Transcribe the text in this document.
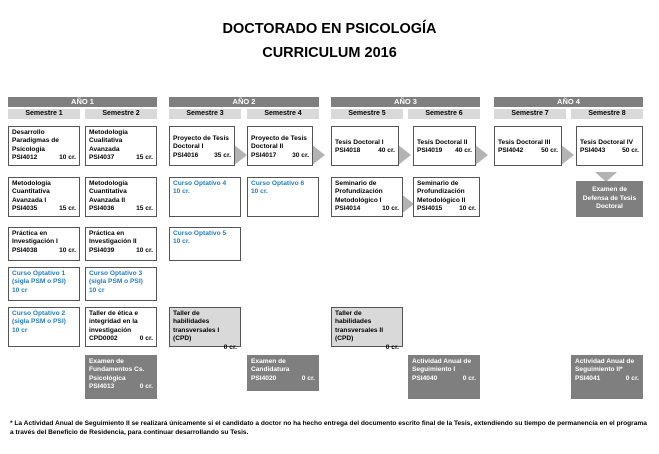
DOCTORADO EN PSICOLOGÍA
CURRICULUM 2016
AÑO 1	AÑO 2	AÑO 3	AÑO 4
Semestre 1	Semestre 2	Semestre 3	Semestre 4	Semestre 5	Semestre 6	Semestre 7	Semestre 8
Desarrollo Paradigmas de Psicología
PSI4012	10 cr.
Metodología Cualitativa Avanzada
PSI4037	15 cr.
Proyecto de Tesis Doctoral I
PSI4016 35 cr.
Proyecto de Tesis Doctoral II
PSI4017 30 cr.
Tesis Doctoral I
PSI4018	40 cr.
Tesis Doctoral II
PSI4019 40 cr.
Tesis Doctoral III
PSI4042	50 cr.
Tesis Doctoral IV
PSI4043	50 cr.
Metodología Cuantitativa Avanzada I
PSI4035	15 cr.
Metodología Cuantitativa Avanzada II
PSI4036	15 cr.
Curso Optativo 4
10 cr.
Curso Optativo 6
10 cr.
Seminario de Profundización Metodológico I
PSI4014	10 cr.
Seminario de Profundización Metodológico II
PSI4015	10 cr.
Examen de Defensa de Tesis Doctoral
Práctica en Investigación I
PSI4038	10 cr.
Práctica en Investigación II
PSI4039	10 cr.
Curso Optativo 5
10 cr.
Curso Optativo 1 (sigla PSM o PSI)
10 cr
Curso Optativo 3 (sigla PSM o PSI)
10 cr
Curso Optativo 2 (sigla PSM o PSI)
10 cr
Taller de ética e integridad en la investigación
CPD0002	0 cr.
Taller de habilidades transversales I (CPD)
0 cr.
Taller de habilidades transversales II (CPD)
0 cr.
Examen de Fundamentos Cs. Psicológica
PSI4013	0 cr.
Examen de Candidatura
PSI4020	0 cr.
Actividad Anual de Seguimiento I
PSI4040	0 cr.
Actividad Anual de Seguimiento II*
PSI4041	0 cr.
* La Actividad Anual de Seguimiento II se realizará únicamente si el candidato a doctor no ha hecho entrega del documento escrito final de la Tesis, extendiendo su tiempo de permanencia en el programa a través del Beneficio de Residencia, para continuar desarrollando su Tesis.
